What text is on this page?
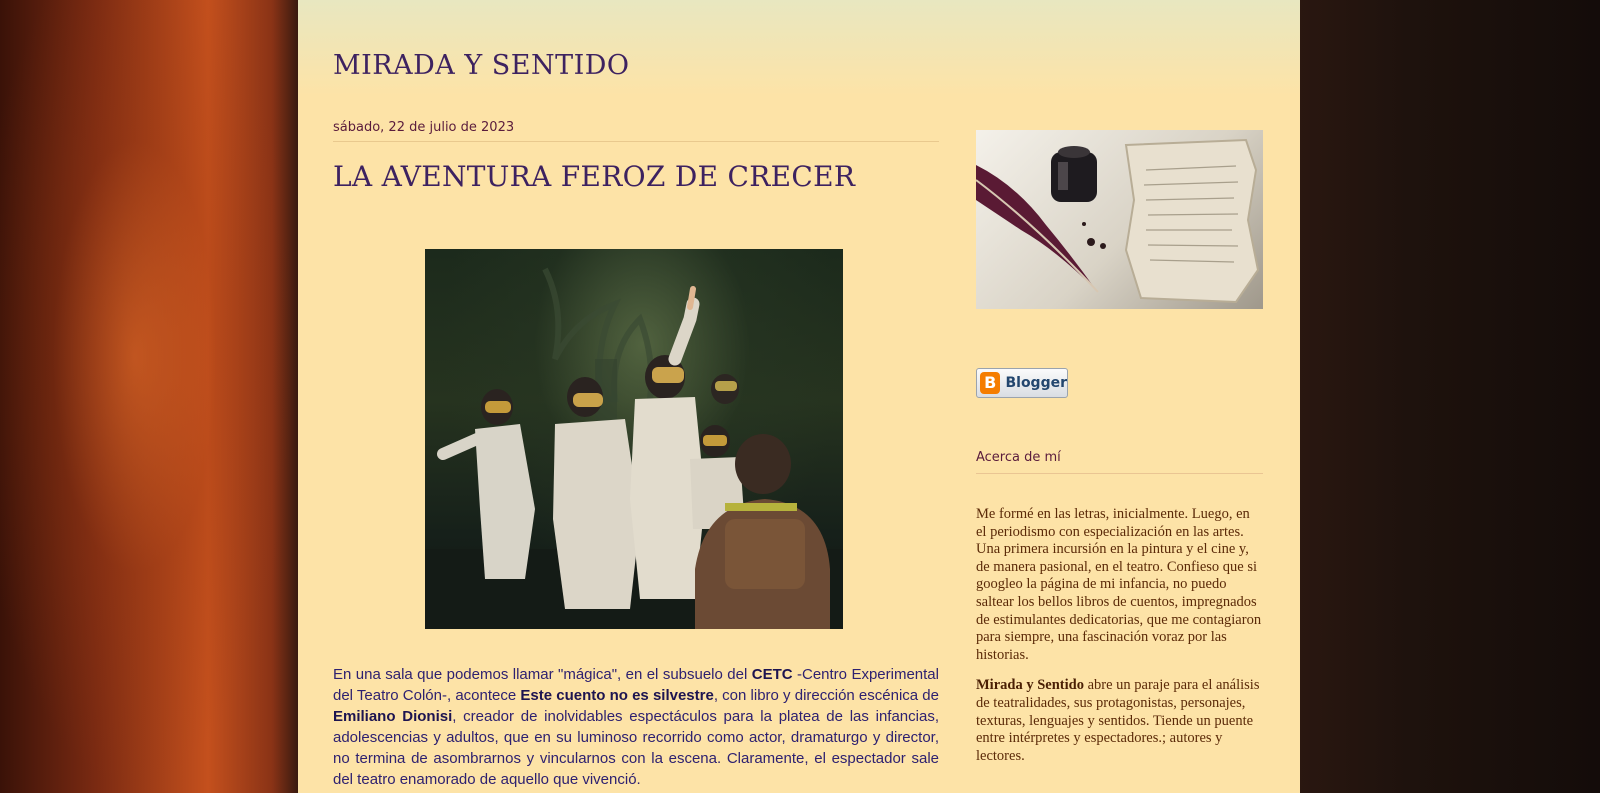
MIRADA Y SENTIDO
sábado, 22 de julio de 2023
LA AVENTURA FEROZ DE CRECER
En una sala que podemos llamar "mágica", en el subsuelo del CETC -Centro Experimental del Teatro Colón-, acontece Este cuento no es silvestre, con libro y dirección escénica de Emiliano Dionisi, creador de inolvidables espectáculos para la platea de las infancias, adolescencias y adultos, que en su luminoso recorrido como actor, dramaturgo y director, no termina de asombrarnos y vincularnos con la escena. Claramente, el espectador sale del teatro enamorado de aquello que vivenció.
B Blogger
Acerca de mí

Me formé en las letras, inicialmente. Luego, en el periodismo con especialización en las artes. Una primera incursión en la pintura y el cine y, de manera pasional, en el teatro. Confieso que si googleo la página de mi infancia, no puedo saltear los bellos libros de cuentos, impregnados de estimulantes dedicatorias, que me contagiaron para siempre, una fascinación voraz por las historias.

Mirada y Sentido abre un paraje para el análisis de teatralidades, sus protagonistas, personajes, texturas, lenguajes y sentidos. Tiende un puente entre intérpretes y espectadores.; autores y lectores.
